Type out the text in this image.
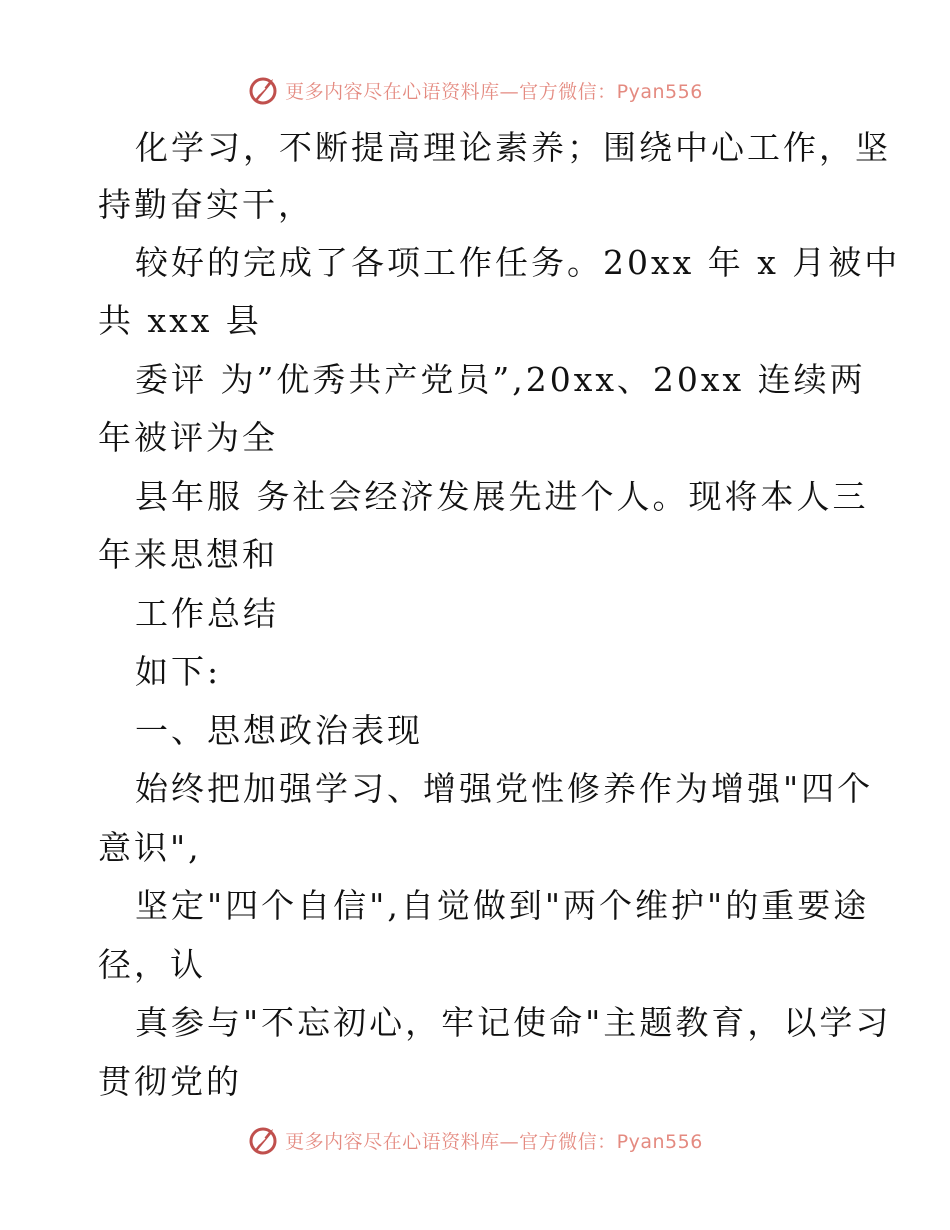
更多内容尽在心语资料库—官方微信：Pyan556
化学习，不断提高理论素养；围绕中心工作，坚
持勤奋实干，
较好的完成了各项工作任务。20xx 年 x 月被中
共 xxx 县
委评 为”优秀共产党员”,20xx、20xx 连续两
年被评为全
县年服 务社会经济发展先进个人。现将本人三
年来思想和
工作总结
如下:
一、思想政治表现
始终把加强学习、增强党性修养作为增强"四个
意识",
坚定"四个自信",自觉做到"两个维护"的重要途
径，认
真参与"不忘初心，牢记使命"主题教育，以学习
贯彻党的
更多内容尽在心语资料库—官方微信：Pyan556
